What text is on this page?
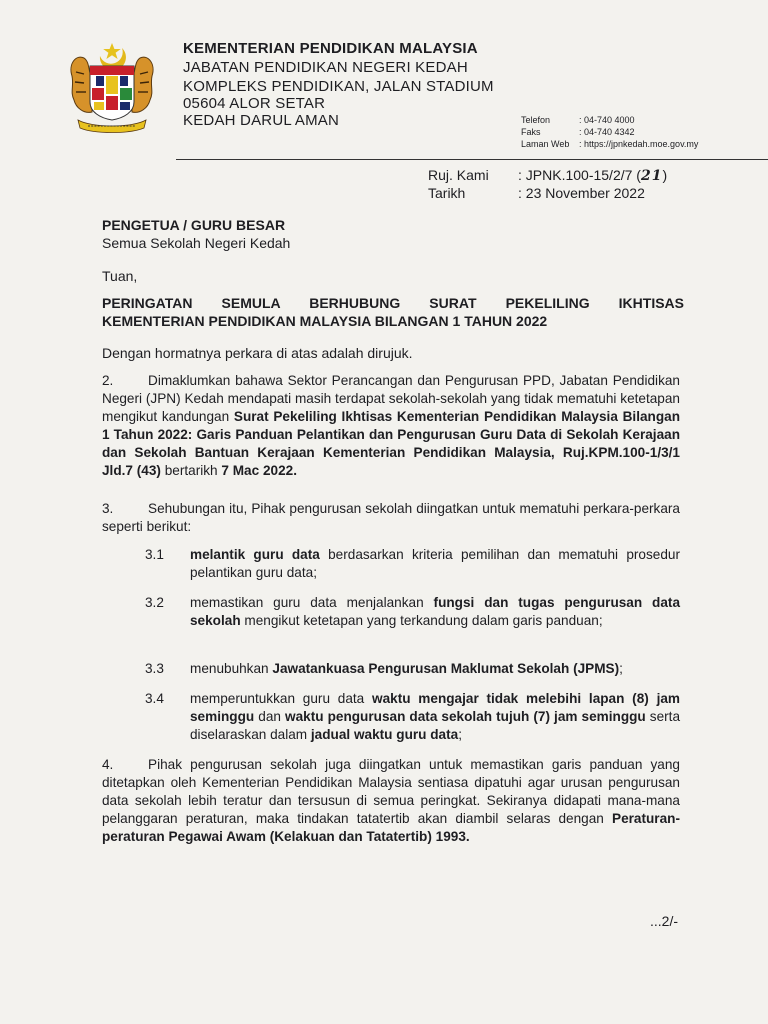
KEMENTERIAN PENDIDIKAN MALAYSIA
JABATAN PENDIDIKAN NEGERI KEDAH
KOMPLEKS PENDIDIKAN, JALAN STADIUM
05604 ALOR SETAR
KEDAH DARUL AMAN	Telefon	: 04-740 4000
Faks	: 04-740 4342
Laman Web : https://jpnkedah.moe.gov.my
Ruj. Kami : JPNK.100-15/2/7 (21)
Tarikh	: 23 November 2022
PENGETUA / GURU BESAR
Semua Sekolah Negeri Kedah
Tuan,
PERINGATAN SEMULA BERHUBUNG SURAT PEKELILING IKHTISAS
KEMENTERIAN PENDIDIKAN MALAYSIA BILANGAN 1 TAHUN 2022
Dengan hormatnya perkara di atas adalah dirujuk.
2.	Dimaklumkan bahawa Sektor Perancangan dan Pengurusan PPD, Jabatan Pendidikan Negeri (JPN) Kedah mendapati masih terdapat sekolah-sekolah yang tidak mematuhi ketetapan mengikut kandungan Surat Pekeliling Ikhtisas Kementerian Pendidikan Malaysia Bilangan 1 Tahun 2022: Garis Panduan Pelantikan dan Pengurusan Guru Data di Sekolah Kerajaan dan Sekolah Bantuan Kerajaan Kementerian Pendidikan Malaysia, Ruj.KPM.100-1/3/1 Jld.7 (43) bertarikh 7 Mac 2022.

3.	Sehubungan itu, Pihak pengurusan sekolah diingatkan untuk mematuhi perkara-perkara seperti berikut:

3.1 melantik guru data berdasarkan kriteria pemilihan dan mematuhi prosedur pelantikan guru data;
3.2 memastikan guru data menjalankan fungsi dan tugas pengurusan data sekolah mengikut ketetapan yang terkandung dalam garis panduan;
3.3 menubuhkan Jawatankuasa Pengurusan Maklumat Sekolah (JPMS);
3.4 memperuntukkan guru data waktu mengajar tidak melebihi lapan (8) jam seminggu dan waktu pengurusan data sekolah tujuh (7) jam seminggu serta diselaraskan dalam jadual waktu guru data;
4.	Pihak pengurusan sekolah juga diingatkan untuk memastikan garis panduan yang ditetapkan oleh Kementerian Pendidikan Malaysia sentiasa dipatuhi agar urusan pengurusan data sekolah lebih teratur dan tersusun di semua peringkat. Sekiranya didapati mana-mana pelanggaran peraturan, maka tindakan tatatertib akan diambil selaras dengan Peraturan-peraturan Pegawai Awam (Kelakuan dan Tatatertib) 1993.

...2/-
